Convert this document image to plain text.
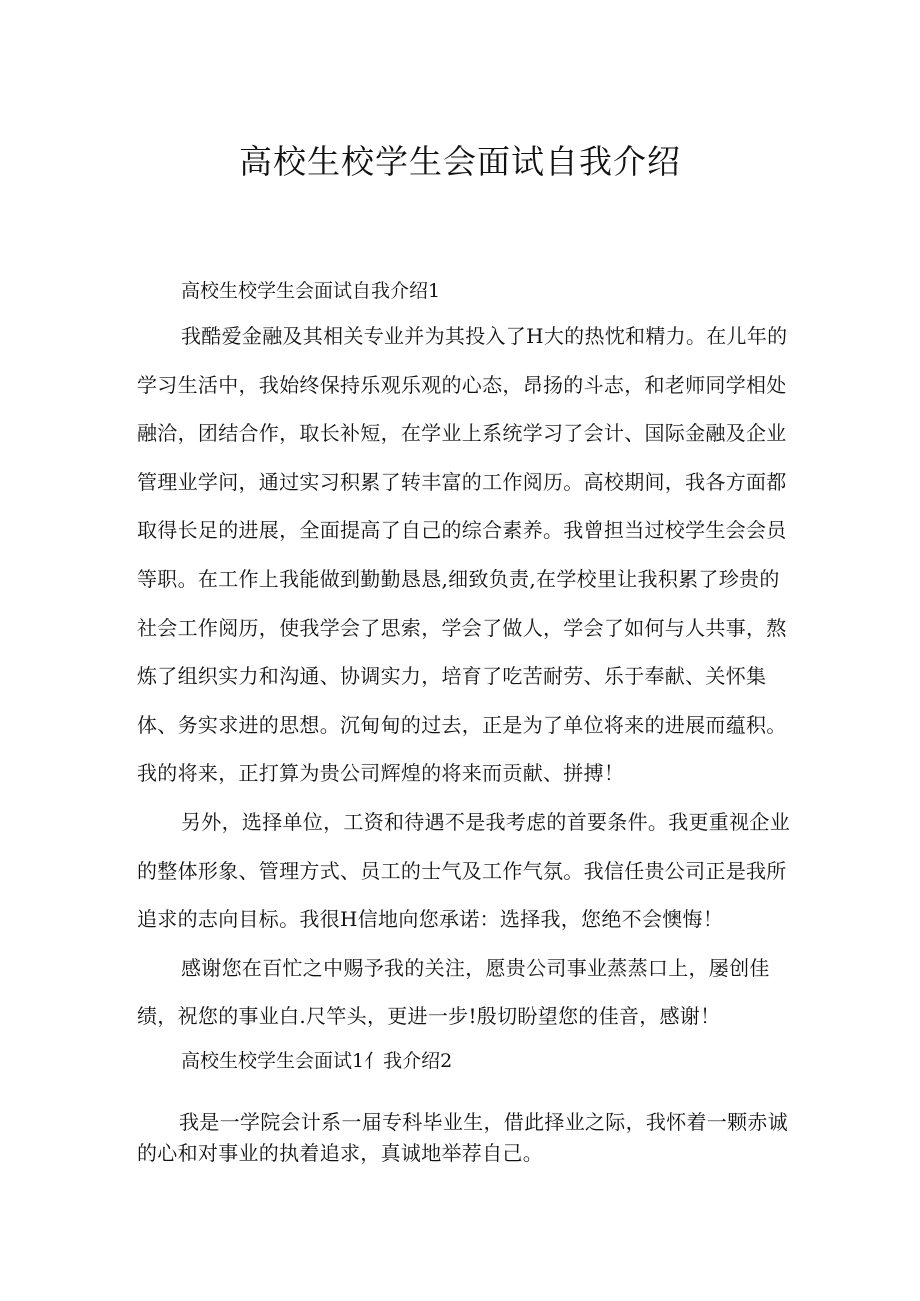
高校生校学生会面试自我介绍
高校生校学生会面试自我介绍1

我酷爱金融及其相关专业并为其投入了H大的热忱和精力。在儿年的学习生活中，我始终保持乐观乐观的心态，昂扬的斗志，和老师同学相处融洽，团结合作，取长补短，在学业上系统学习了会计、国际金融及企业管理业学问，通过实习积累了转丰富的工作阅历。高校期间，我各方面都取得长足的进展，全面提高了自己的综合素养。我曾担当过校学生会会员等职。在工作上我能做到勤勤恳恳,细致负责,在学校里让我积累了珍贵的社会工作阅历，使我学会了思索，学会了做人，学会了如何与人共事，熬炼了组织实力和沟通、协调实力，培育了吃苦耐劳、乐于奉献、关怀集体、务实求进的思想。沉甸甸的过去，正是为了单位将来的进展而蕴积。我的将来，正打算为贵公司辉煌的将来而贡献、拼搏！

另外，选择单位，工资和待遇不是我考虑的首要条件。我更重视企业的整体形象、管理方式、员工的士气及工作气氛。我信任贵公司正是我所追求的志向目标。我很H信地向您承诺：选择我，您绝不会懊悔！

感谢您在百忙之中赐予我的关注，愿贵公司事业蒸蒸口上，屡创佳绩，祝您的事业白.尺竿头，更进一步!殷切盼望您的佳音，感谢！

高校生校学生会面试1亻我介绍2

我是一学院会计系一届专科毕业生，借此择业之际，我怀着一颗赤诚的心和对事业的执着追求，真诚地举荐自己。
